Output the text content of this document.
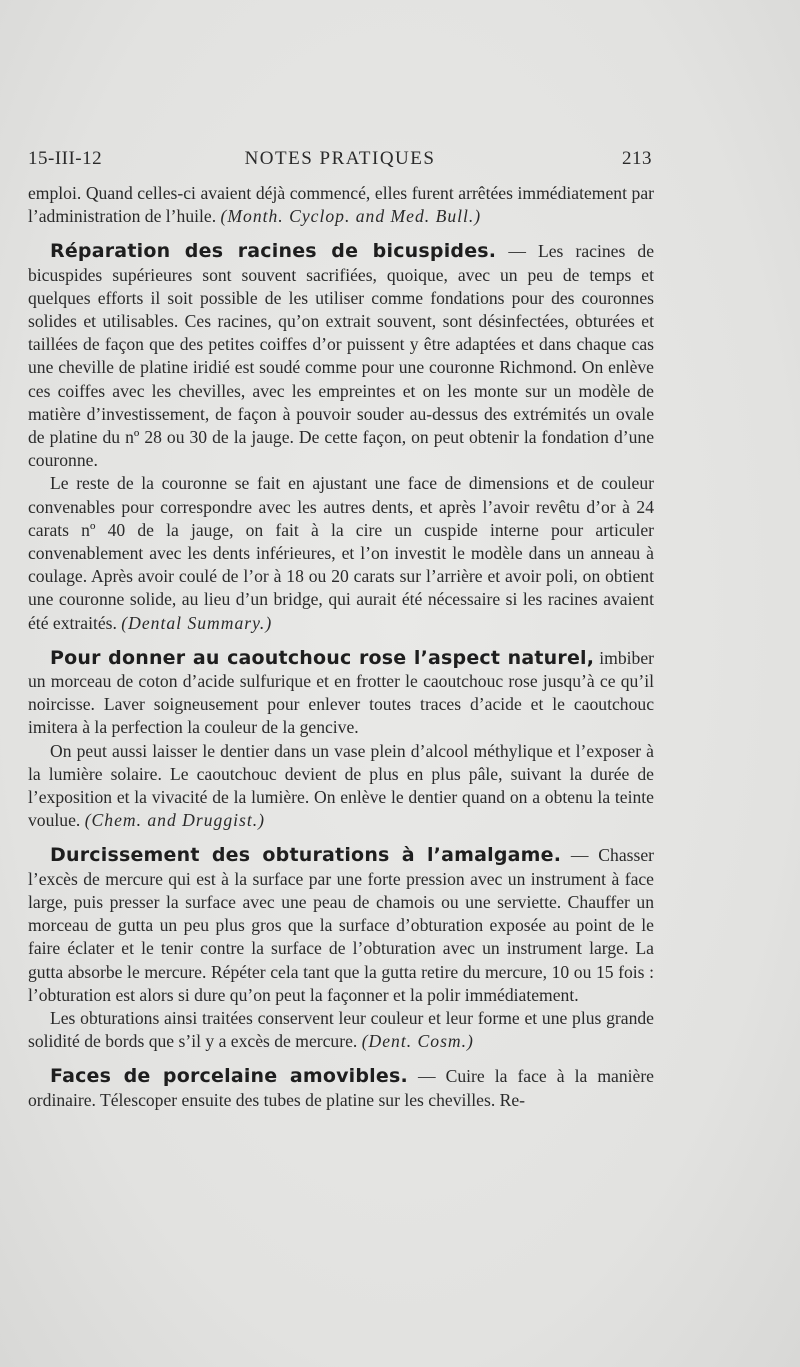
15-III-12	NOTES PRATIQUES	213

emploi. Quand celles-ci avaient déjà commencé, elles furent arrêtées immédiatement par l’administration de l’huile. (Month. Cyclop. and Med. Bull.)

Réparation des racines de bicuspides. — Les racines de bicuspides supérieures sont souvent sacrifiées, quoique, avec un peu de temps et quelques efforts il soit possible de les utiliser comme fondations pour des couronnes solides et utilisables. Ces racines, qu’on extrait souvent, sont désinfectées, obturées et taillées de façon que des petites coiffes d’or puissent y être adaptées et dans chaque cas une cheville de platine iridié est soudé comme pour une couronne Richmond. On enlève ces coiffes avec les chevilles, avec les empreintes et on les monte sur un modèle de matière d’investissement, de façon à pouvoir souder au-dessus des extrémités un ovale de platine du nº 28 ou 30 de la jauge. De cette façon, on peut obtenir la fondation d’une couronne.

Le reste de la couronne se fait en ajustant une face de dimensions et de couleur convenables pour correspondre avec les autres dents, et après l’avoir revêtu d’or à 24 carats nº 40 de la jauge, on fait à la cire un cuspide interne pour articuler convenablement avec les dents inférieures, et l’on investit le modèle dans un anneau à coulage. Après avoir coulé de l’or à 18 ou 20 carats sur l’arrière et avoir poli, on obtient une couronne solide, au lieu d’un bridge, qui aurait été nécessaire si les racines avaient été extraités. (Dental Summary.)

Pour donner au caoutchouc rose l’aspect naturel, imbiber un morceau de coton d’acide sulfurique et en frotter le caoutchouc rose jusqu’à ce qu’il noircisse. Laver soigneusement pour enlever toutes traces d’acide et le caoutchouc imitera à la perfection la couleur de la gencive.

On peut aussi laisser le dentier dans un vase plein d’alcool méthylique et l’exposer à la lumière solaire. Le caoutchouc devient de plus en plus pâle, suivant la durée de l’exposition et la vivacité de la lumière. On enlève le dentier quand on a obtenu la teinte voulue. (Chem. and Druggist.)

Durcissement des obturations à l’amalgame. — Chasser l’excès de mercure qui est à la surface par une forte pression avec un instrument à face large, puis presser la surface avec une peau de chamois ou une serviette. Chauffer un morceau de gutta un peu plus gros que la surface d’obturation exposée au point de le faire éclater et le tenir contre la surface de l’obturation avec un instrument large. La gutta absorbe le mercure. Répéter cela tant que la gutta retire du mercure, 10 ou 15 fois : l’obturation est alors si dure qu’on peut la façonner et la polir immédiatement.

Les obturations ainsi traitées conservent leur couleur et leur forme et une plus grande solidité de bords que s’il y a excès de mercure. (Dent. Cosm.)

Faces de porcelaine amovibles. — Cuire la face à la manière ordinaire. Télescoper ensuite des tubes de platine sur les chevilles. Re-
